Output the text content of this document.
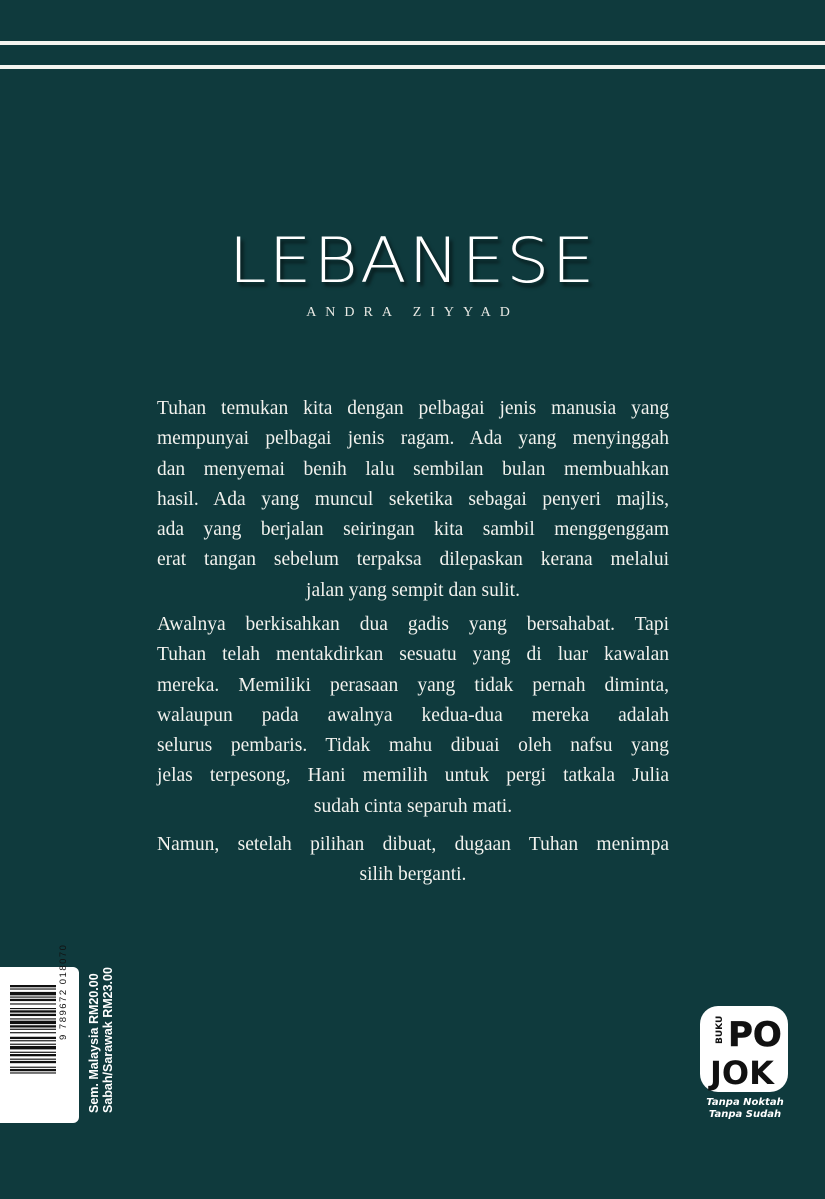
LEBANESE
ANDRA ZIYYAD
Tuhan temukan kita dengan pelbagai jenis manusia yang
mempunyai pelbagai jenis ragam. Ada yang menyinggah
dan menyemai benih lalu sembilan bulan membuahkan
hasil. Ada yang muncul seketika sebagai penyeri majlis,
ada yang berjalan seiringan kita sambil menggenggam
erat tangan sebelum terpaksa dilepaskan kerana melalui
jalan yang sempit dan sulit.
Awalnya berkisahkan dua gadis yang bersahabat. Tapi
Tuhan telah mentakdirkan sesuatu yang di luar kawalan
mereka. Memiliki perasaan yang tidak pernah diminta,
walaupun pada awalnya kedua-dua mereka adalah
selurus pembaris. Tidak mahu dibuai oleh nafsu yang
jelas terpesong, Hani memilih untuk pergi tatkala Julia
sudah cinta separuh mati.
Namun, setelah pilihan dibuat, dugaan Tuhan menimpa
silih berganti.
9 789672 018070 Sem. Malaysia RM20.00 Sabah/Sarawak RM23.00	BUKU PO
JOK
Tanpa Noktah
Tanpa Sudah
